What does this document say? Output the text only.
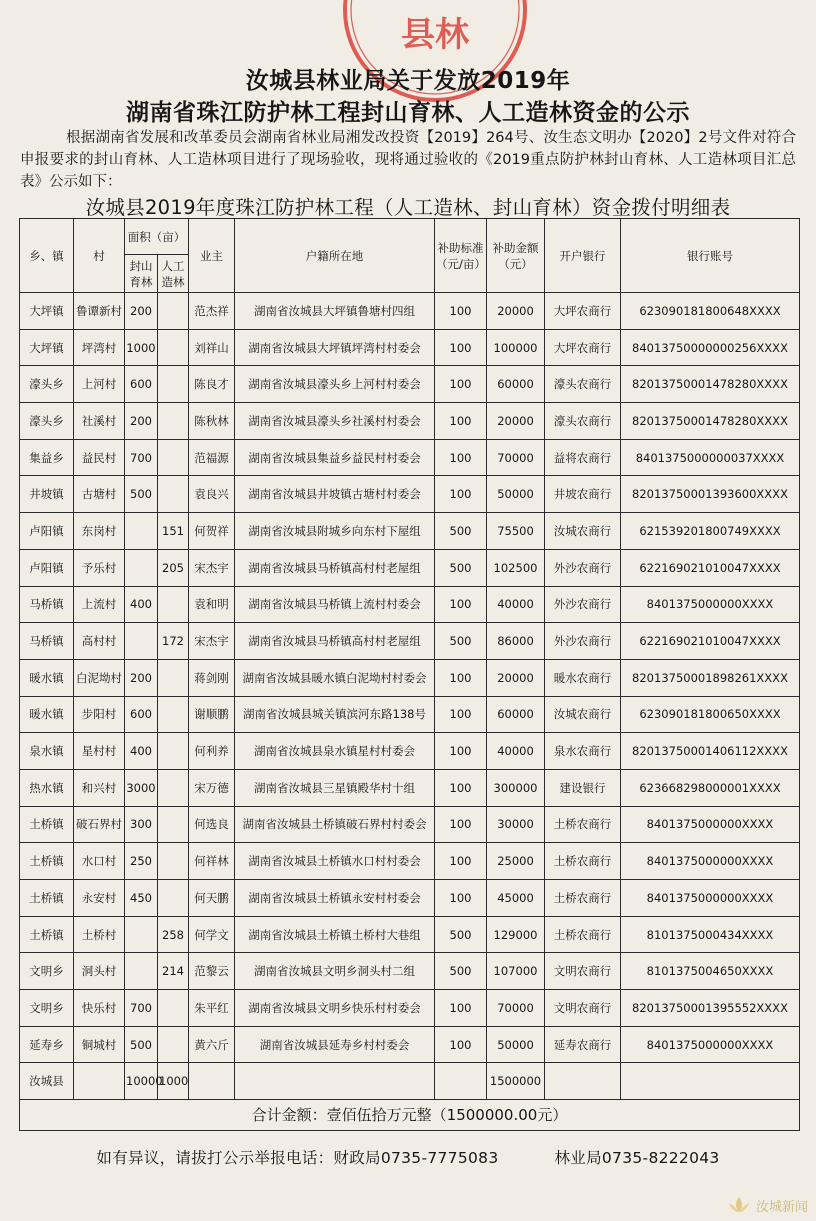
县林
汝城县林业局关于发放2019年
湖南省珠江防护林工程封山育林、人工造林资金的公示
根据湖南省发展和改革委员会湖南省林业局湘发改投资【2019】264号、汝生态文明办【2020】2号文件对符合申报要求的封山育林、人工造林项目进行了现场验收，现将通过验收的《2019重点防护林封山育林、人工造林项目汇总表》公示如下：
汝城县2019年度珠江防护林工程（人工造林、封山育林）资金拨付明细表
乡、镇	村	面积（亩）		业主	户籍所在地	补助标准（元/亩）	补助金额（元）	开户银行	银行账号
		封山育林	人工造林						
大坪镇	鲁谭新村	200		范杰祥	湖南省汝城县大坪镇鲁塘村四组	100	20000	大坪农商行	623090181800648XXXX
大坪镇	坪湾村	1000		刘祥山	湖南省汝城县大坪镇坪湾村村委会	100	100000	大坪农商行	84013750000000256XXXX
濠头乡	上河村	600		陈良才	湖南省汝城县濠头乡上河村村委会	100	60000	濠头农商行	82013750001478280XXXX
濠头乡	社溪村	200		陈秋林	湖南省汝城县濠头乡社溪村村委会	100	20000	濠头农商行	82013750001478280XXXX
集益乡	益民村	700		范福源	湖南省汝城县集益乡益民村村委会	100	70000	益将农商行	8401375000000037XXXX
井坡镇	古塘村	500		袁良兴	湖南省汝城县井坡镇古塘村村委会	100	50000	井坡农商行	82013750001393600XXXX
卢阳镇	东岗村		151	何贺祥	湖南省汝城县附城乡向东村下屋组	500	75500	汝城农商行	62153920180074​9XXXX
卢阳镇	予乐村		205	宋杰宇	湖南省汝城县马桥镇高村村老屋组	500	102500	外沙农商行	622169021010047XXXX
马桥镇	上流村	400		袁和明	湖南省汝城县马桥镇上流村村委会	100	40000	外沙农商行	8401375000000XXXX
马桥镇	高村村		172	宋杰宇	湖南省汝城县马桥镇高村村老屋组	500	86000	外沙农商行	622169021010047XXXX
暖水镇	白泥坳村	200		蒋剑刚	湖南省汝城县暖水镇白泥坳村村委会	100	20000	暖水农商行	82013750001898261XXXX
暖水镇	步阳村	600		谢顺鹏	湖南省汝城县城关镇滨河东路138号	100	60000	汝城农商行	623090181800650XXXX
泉水镇	星村村	400		何利养	湖南省汝城县泉水镇星村村委会	100	40000	泉水农商行	82013750001406112XXXX
热水镇	和兴村	3000		宋万德	湖南省汝城县三星镇殿华村十组	100	300000	建设银行	623668298000001XXXX
土桥镇	破石界村	300		何选良	湖南省汝城县土桥镇破石界村村委会	100	30000	土桥农商行	8401375000000XXXX
土桥镇	水口村	250		何祥林	湖南省汝城县土桥镇水口村村委会	100	25000	土桥农商行	8401375000000XXXX
土桥镇	永安村	450		何天鹏	湖南省汝城县土桥镇永安村村委会	100	45000	土桥农商行	8401375000000XXXX
土桥镇	土桥村		258	何学文	湖南省汝城县土桥镇土桥村大巷组	500	129000	土桥农商行	8101375000434XXXX
文明乡	洞头村		214	范黎云	湖南省汝城县文明乡洞头村二组	500	107000	文明农商行	8101375004650XXXX
文明乡	快乐村	700		朱平红	湖南省汝城县文明乡快乐村村委会	100	70000	文明农商行	82013750001395552XXXX
延寿乡	铜城村	500		黄六斤	湖南省汝城县延寿乡村村委会	100	50000	延寿农商行	8401375000000XXXX
汝城县		10000	1000				1500000		
合计金额：壹佰伍拾万元整（1500000.00元）									
如有异议，请拔打公示举报电话：财政局0735-7775083	林业局0735-8222043
汝城新闻
